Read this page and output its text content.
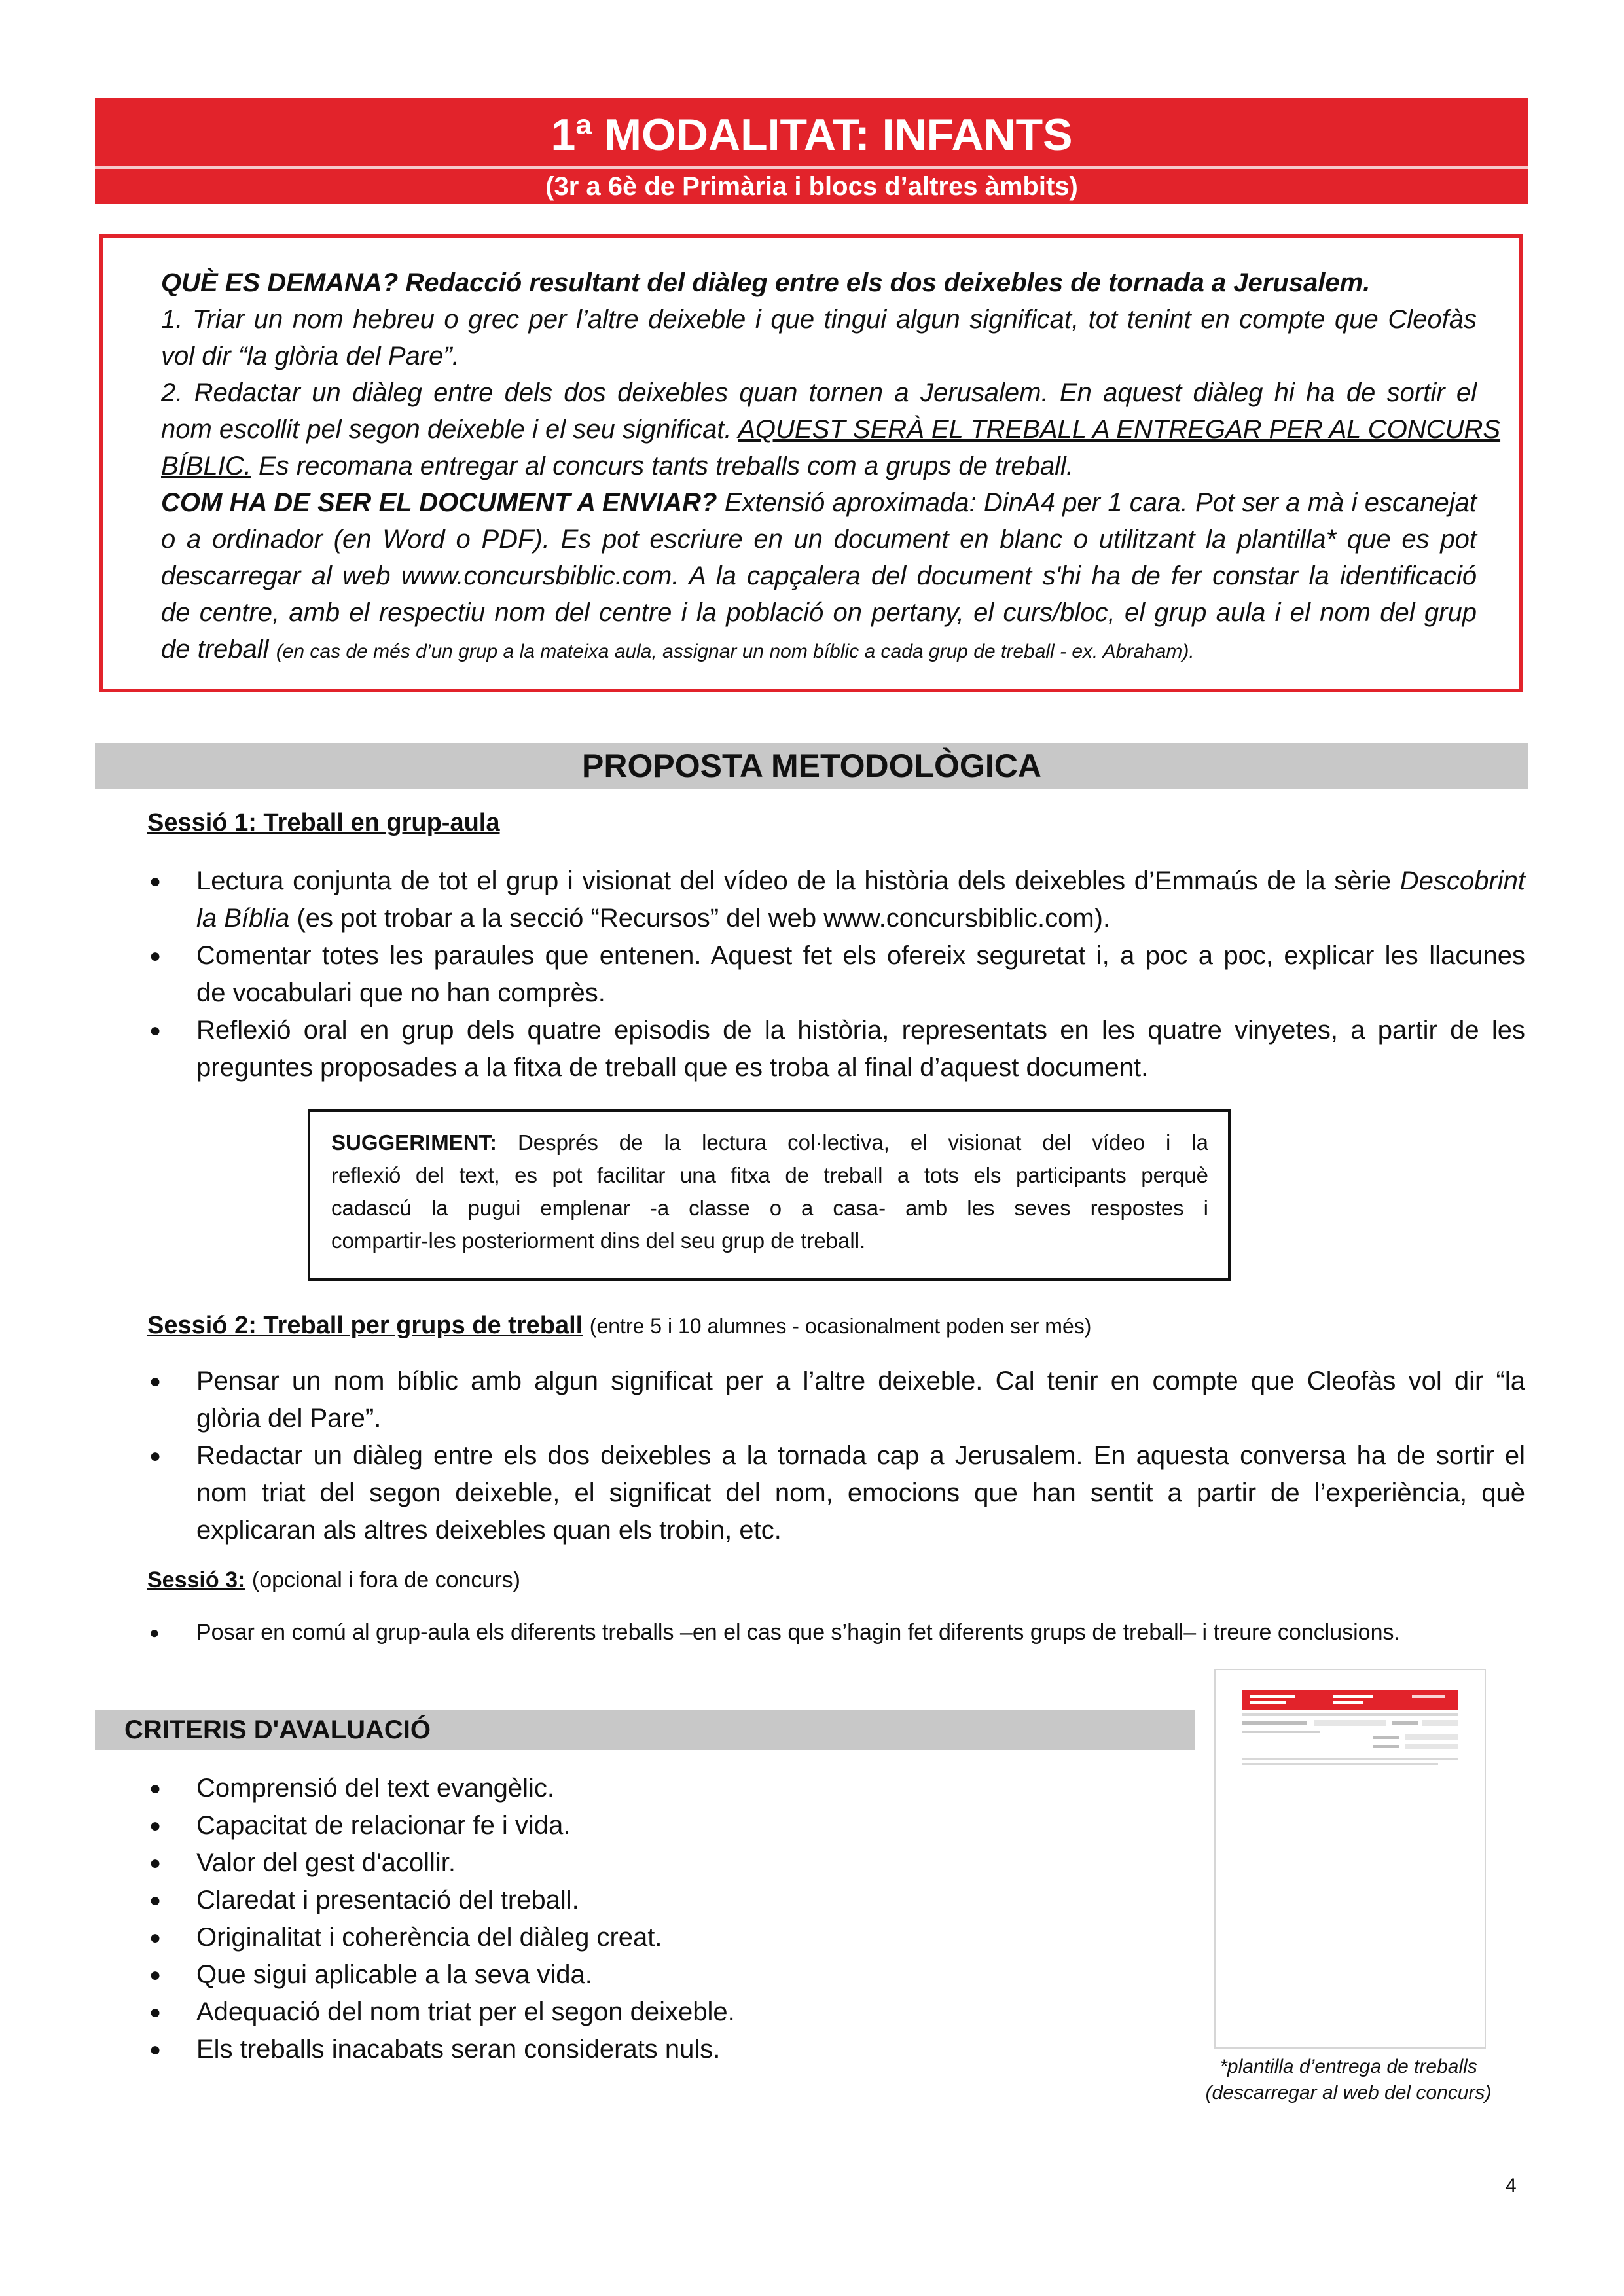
1ª MODALITAT: INFANTS
(3r a 6è de Primària i blocs d’altres àmbits)
QUÈ ES DEMANA? Redacció resultant del diàleg entre els dos deixebles de tornada a Jerusalem.
1. Triar un nom hebreu o grec per l’altre deixeble i que tingui algun significat, tot tenint en compte que Cleofàs
vol dir “la glòria del Pare”.
2. Redactar un diàleg entre dels dos deixebles quan tornen a Jerusalem. En aquest diàleg hi ha de sortir el
nom escollit pel segon deixeble i el seu significat. AQUEST SERÀ EL TREBALL A ENTREGAR PER AL CONCURS
BÍBLIC. Es recomana entregar al concurs tants treballs com a grups de treball.
COM HA DE SER EL DOCUMENT A ENVIAR? Extensió aproximada: DinA4 per 1 cara. Pot ser a mà i escanejat
o a ordinador (en Word o PDF). Es pot escriure en un document en blanc o utilitzant la plantilla* que es pot
descarregar al web www.concursbiblic.com. A la capçalera del document s'hi ha de fer constar la identificació
de centre, amb el respectiu nom del centre i la població on pertany, el curs/bloc, el grup aula i el nom del grup
de treball (en cas de més d’un grup a la mateixa aula, assignar un nom bíblic a cada grup de treball - ex. Abraham).
PROPOSTA METODOLÒGICA
Sessió 1: Treball en grup-aula
● Lectura conjunta de tot el grup i visionat del vídeo de la història dels deixebles d’Emmaús de la sèrie Descobrint
la Bíblia (es pot trobar a la secció “Recursos” del web www.concursbiblic.com).
● Comentar totes les paraules que entenen. Aquest fet els ofereix seguretat i, a poc a poc, explicar les llacunes
de vocabulari que no han comprès.
● Reflexió oral en grup dels quatre episodis de la història, representats en les quatre vinyetes, a partir de les
preguntes proposades a la fitxa de treball que es troba al final d’aquest document.
SUGGERIMENT: Després de la lectura col·lectiva, el visionat del vídeo i la
reflexió del text, es pot facilitar una fitxa de treball a tots els participants perquè
cadascú la pugui emplenar -a classe o a casa- amb les seves respostes i
compartir-les posteriorment dins del seu grup de treball.
Sessió 2: Treball per grups de treball (entre 5 i 10 alumnes - ocasionalment poden ser més)
● Pensar un nom bíblic amb algun significat per a l’altre deixeble. Cal tenir en compte que Cleofàs vol dir “la
glòria del Pare”.
● Redactar un diàleg entre els dos deixebles a la tornada cap a Jerusalem. En aquesta conversa ha de sortir el
nom triat del segon deixeble, el significat del nom, emocions que han sentit a partir de l’experiència, què
explicaran als altres deixebles quan els trobin, etc.
Sessió 3: (opcional i fora de concurs)
● Posar en comú al grup-aula els diferents treballs –en el cas que s’hagin fet diferents grups de treball– i treure conclusions.
CRITERIS D'AVALUACIÓ
● Comprensió del text evangèlic.
● Capacitat de relacionar fe i vida.
● Valor del gest d'acollir.
● Claredat i presentació del treball.
● Originalitat i coherència del diàleg creat.
● Que sigui aplicable a la seva vida.
● Adequació del nom triat per el segon deixeble.
● Els treballs inacabats seran considerats nuls.
*plantilla d’entrega de treballs
(descarregar al web del concurs)
4
